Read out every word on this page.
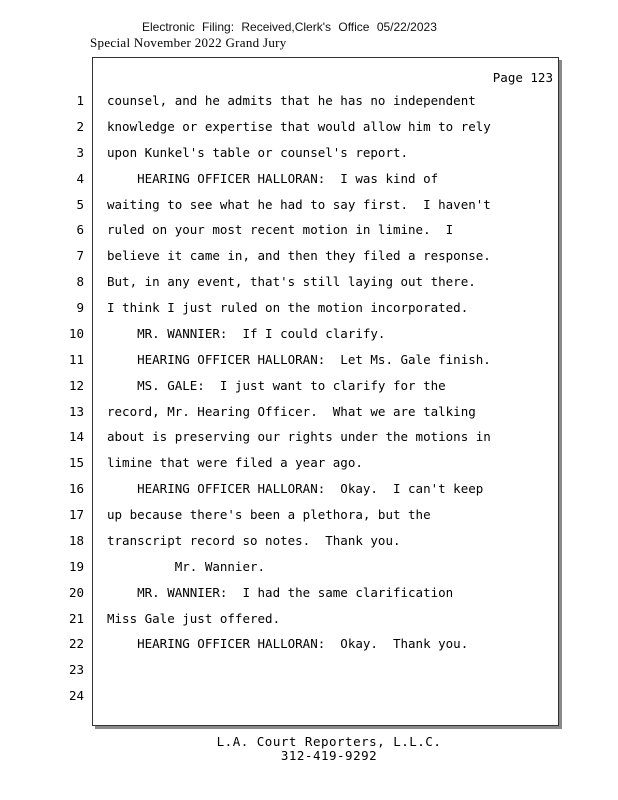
Electronic Filing: Received,Clerk's Office 05/22/2023
Special November 2022 Grand Jury
Page 123
1
2
3
4
5
6
7
8
9
10
11
12
13
14
15
16
17
18
19
20
21
22
23
24
counsel, and he admits that he has no independent
knowledge or expertise that would allow him to rely
upon Kunkel's table or counsel's report.
HEARING OFFICER HALLORAN:  I was kind of
waiting to see what he had to say first.  I haven't
ruled on your most recent motion in limine.  I
believe it came in, and then they filed a response.
But, in any event, that's still laying out there.
I think I just ruled on the motion incorporated.
MR. WANNIER:  If I could clarify.
HEARING OFFICER HALLORAN:  Let Ms. Gale finish.
MS. GALE:  I just want to clarify for the
record, Mr. Hearing Officer.  What we are talking
about is preserving our rights under the motions in
limine that were filed a year ago.
HEARING OFFICER HALLORAN:  Okay.  I can't keep
up because there's been a plethora, but the
transcript record so notes.  Thank you.
Mr. Wannier.
MR. WANNIER:  I had the same clarification
Miss Gale just offered.
HEARING OFFICER HALLORAN:  Okay.  Thank you.
L.A. Court Reporters, L.L.C.
312-419-9292
